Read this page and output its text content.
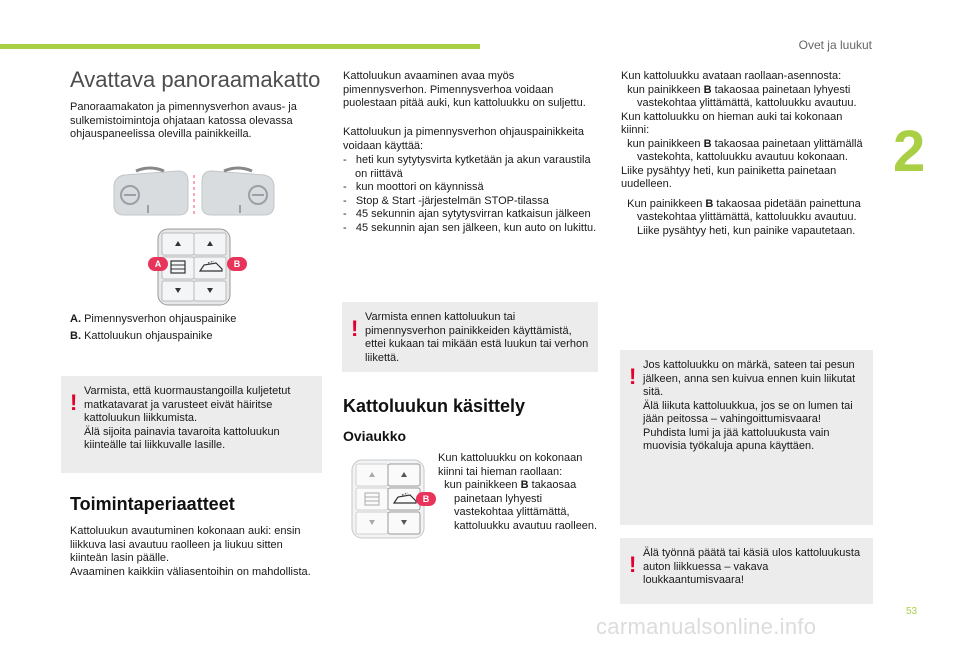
Ovet ja luukut
2
53
carmanualsonline.info
Avattava panoraamakatto

Panoraamakaton ja pimennysverhon avaus- ja sulkemistoimintoja ohjataan katossa olevassa ohjauspaneelissa olevilla painikkeilla.

A	B
A. Pimennysverhon ohjauspainike
B. Kattoluukun ohjauspainike
! Varmista, että kuormaustangoilla kuljetetut matkatavarat ja varusteet eivät häiritse kattoluukun liikkumista.
Älä sijoita painavia tavaroita kattoluukun kiinteälle tai liikkuvalle lasille.
Toimintaperiaatteet

Kattoluukun avautuminen kokonaan auki: ensin liikkuva lasi avautuu raolleen ja liukuu sitten kiinteän lasin päälle.
Avaaminen kaikkiin väliasentoihin on mahdollista.

Kattoluukun avaaminen avaa myös pimennysverhon. Pimennysverhoa voidaan puolestaan pitää auki, kun kattoluukku on suljettu.

Kattoluukun ja pimennysverhon ohjauspainikkeita voidaan käyttää:

- heti kun sytytysvirta kytketään ja akun varaustila on riittävä
- kun moottori on käynnissä
- Stop & Start -järjestelmän STOP-tilassa
- 45 sekunnin ajan sytytysvirran katkaisun jälkeen
- 45 sekunnin ajan sen jälkeen, kun auto on lukittu.
! Varmista ennen kattoluukun tai pimennysverhon painikkeiden käyttämistä, ettei kukaan tai mikään estä luukun tai verhon liikettä.
Kattoluukun käsittely
Oviaukko
B
Kun kattoluukku on kokonaan kiinni tai hieman raollaan:
kun painikkeen B takaosaa painetaan lyhyesti vastekohtaa ylittämättä, kattoluukku avautuu raolleen.
Kun kattoluukku avataan raollaan-asennosta:
kun painikkeen B takaosaa painetaan lyhyesti vastekohtaa ylittämättä, kattoluukku avautuu.
Kun kattoluukku on hieman auki tai kokonaan kiinni:
kun painikkeen B takaosaa painetaan ylittämällä vastekohta, kattoluukku avautuu kokonaan.
Liike pysähtyy heti, kun painiketta painetaan uudelleen.
Kun painikkeen B takaosaa pidetään painettuna vastekohtaa ylittämättä, kattoluukku avautuu. Liike pysähtyy heti, kun painike vapautetaan.
! Jos kattoluukku on märkä, sateen tai pesun jälkeen, anna sen kuivua ennen kuin liikutat sitä.
Älä liikuta kattoluukkua, jos se on lumen tai jään peitossa – vahingoittumisvaara!
Puhdista lumi ja jää kattoluukusta vain muovisia työkaluja apuna käyttäen.
! Älä työnnä päätä tai käsiä ulos kattoluukusta auton liikkuessa – vakava loukkaantumisvaara!
